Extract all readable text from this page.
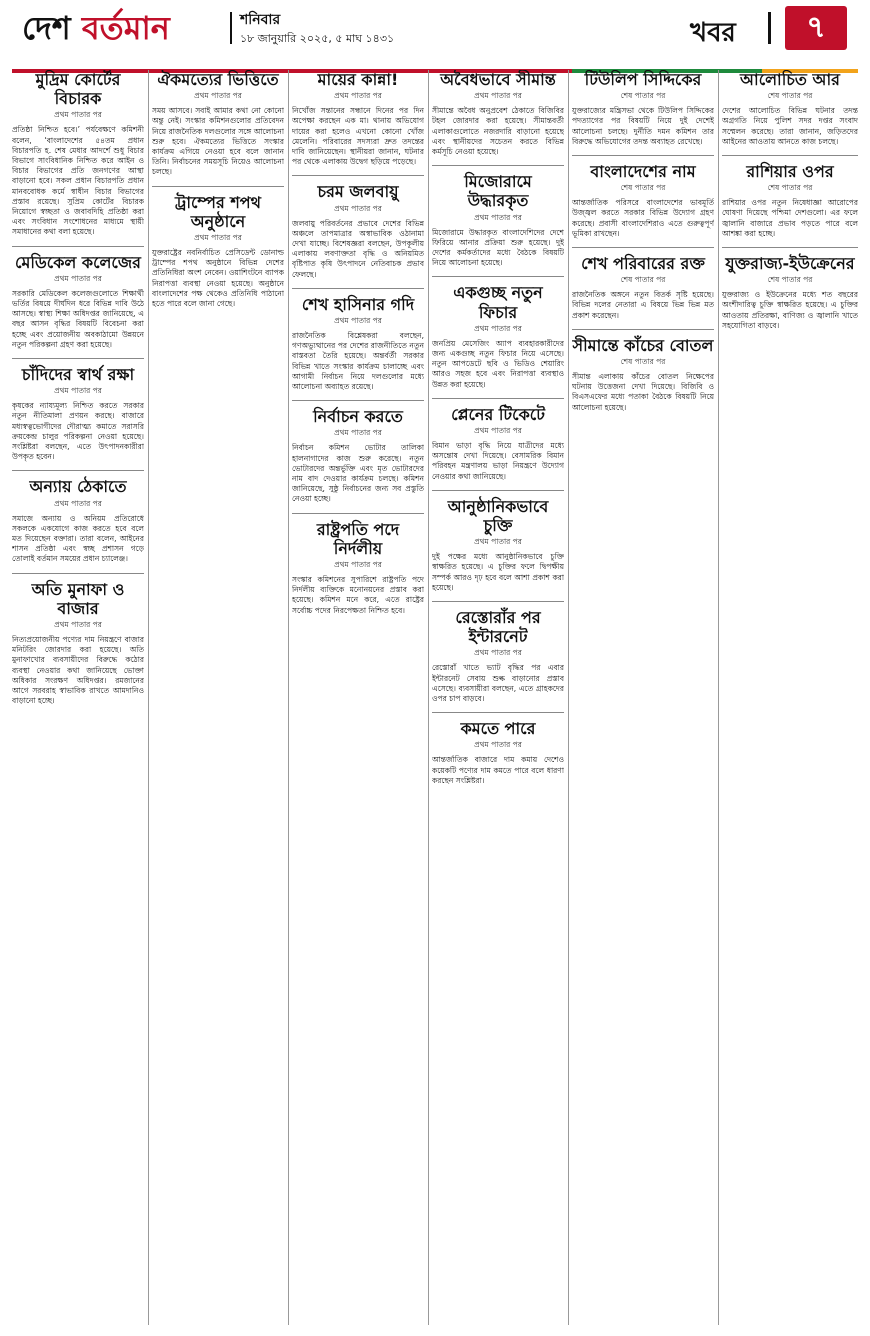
দেশ বর্তমান	শনিবার
১৮ জানুয়ারি ২০২৫, ৫ মাঘ ১৪৩১	খবর	৭
মুদ্রিম কোর্টের বিচারক
প্রথম পাতার পর

প্রতিষ্ঠা নিশ্চিত হবে।’ পর্যবেক্ষণে কমিশনী বলেন, ‘বাংলাদেশের ৫৪তম প্রধান বিচারপতি হ. শেষ মেধার আদর্শে শুধু বিচার বিভাগে সাংবিধানিক নিশ্চিত করে আইন ও বিচার বিভাগের প্রতি জনগণের আস্থা বাড়ানো হবে। সকল প্রধান বিচারপতি প্রধান মানববোধক কর্মে স্বাধীন বিচার বিভাগের প্রস্তাব রয়েছে। সুপ্রিম কোর্টের বিচারক নিয়োগে স্বচ্ছতা ও জবাবদিহি প্রতিষ্ঠা করা এবং সংবিধান সংশোধনের মাধ্যমে স্থায়ী সমাধানের কথা বলা হয়েছে।

মেডিকেল কলেজের
প্রথম পাতার পর

সরকারি মেডিকেল কলেজগুলোতে শিক্ষার্থী ভর্তির বিষয়ে দীর্ঘদিন ধরে বিভিন্ন দাবি উঠে আসছে। স্বাস্থ্য শিক্ষা অধিদপ্তর জানিয়েছে, এ বছর আসন বৃদ্ধির বিষয়টি বিবেচনা করা হচ্ছে এবং প্রয়োজনীয় অবকাঠামো উন্নয়নে নতুন পরিকল্পনা গ্রহণ করা হয়েছে।

চাঁদিদের স্বার্থ রক্ষা
প্রথম পাতার পর

কৃষকের ন্যায্যমূল্য নিশ্চিত করতে সরকার নতুন নীতিমালা প্রণয়ন করছে। বাজারে মধ্যস্বত্বভোগীদের দৌরাত্ম্য কমাতে সরাসরি ক্রয়কেন্দ্র চালুর পরিকল্পনা নেওয়া হয়েছে। সংশ্লিষ্টরা বলছেন, এতে উৎপাদনকারীরা উপকৃত হবেন।

অন্যায় ঠেকাতে
প্রথম পাতার পর

সমাজে অন্যায় ও অনিয়ম প্রতিরোধে সকলকে একযোগে কাজ করতে হবে বলে মত দিয়েছেন বক্তারা। তারা বলেন, আইনের শাসন প্রতিষ্ঠা এবং স্বচ্ছ প্রশাসন গড়ে তোলাই বর্তমান সময়ের প্রধান চ্যালেঞ্জ।

অতি মুনাফা ও বাজার
প্রথম পাতার পর

নিত্যপ্রয়োজনীয় পণ্যের দাম নিয়ন্ত্রণে বাজার মনিটরিং জোরদার করা হয়েছে। অতি মুনাফাখোর ব্যবসায়ীদের বিরুদ্ধে কঠোর ব্যবস্থা নেওয়ার কথা জানিয়েছে ভোক্তা অধিকার সংরক্ষণ অধিদপ্তর। রমজানের আগে সরবরাহ স্বাভাবিক রাখতে আমদানিও বাড়ানো হচ্ছে।

ঐকমত্যের ভিত্তিতে
প্রথম পাতার পর

সময় আসবে। সবাই আমার কথা নো কোনো অন্তু নেই। সংস্কার কমিশনগুলোর প্রতিবেদন নিয়ে রাজনৈতিক দলগুলোর সঙ্গে আলোচনা শুরু হবে। ঐকমত্যের ভিত্তিতে সংস্কার কার্যক্রম এগিয়ে নেওয়া হবে বলে জানান তিনি। নির্বাচনের সময়সূচি নিয়েও আলোচনা চলছে।

ট্রাম্পের শপথ অনুষ্ঠানে
প্রথম পাতার পর

যুক্তরাষ্ট্রের নবনির্বাচিত প্রেসিডেন্ট ডোনাল্ড ট্রাম্পের শপথ অনুষ্ঠানে বিভিন্ন দেশের প্রতিনিধিরা অংশ নেবেন। ওয়াশিংটনে ব্যাপক নিরাপত্তা ব্যবস্থা নেওয়া হয়েছে। অনুষ্ঠানে বাংলাদেশের পক্ষ থেকেও প্রতিনিধি পাঠানো হতে পারে বলে জানা গেছে।

মায়ের কান্না!
প্রথম পাতার পর

নিখোঁজ সন্তানের সন্ধানে দিনের পর দিন অপেক্ষা করছেন এক মা। থানায় অভিযোগ দায়ের করা হলেও এখনো কোনো খোঁজ মেলেনি। পরিবারের সদস্যরা দ্রুত তদন্তের দাবি জানিয়েছেন। স্থানীয়রা জানান, ঘটনার পর থেকে এলাকায় উদ্বেগ ছড়িয়ে পড়েছে।

চরম জলবায়ু
প্রথম পাতার পর

জলবায়ু পরিবর্তনের প্রভাবে দেশের বিভিন্ন অঞ্চলে তাপমাত্রার অস্বাভাবিক ওঠানামা দেখা যাচ্ছে। বিশেষজ্ঞরা বলছেন, উপকূলীয় এলাকায় লবণাক্ততা বৃদ্ধি ও অনিয়মিত বৃষ্টিপাত কৃষি উৎপাদনে নেতিবাচক প্রভাব ফেলছে।

শেখ হাসিনার গদি
প্রথম পাতার পর

রাজনৈতিক বিশ্লেষকরা বলছেন, গণঅভ্যুত্থানের পর দেশের রাজনীতিতে নতুন বাস্তবতা তৈরি হয়েছে। অন্তর্বর্তী সরকার বিভিন্ন খাতে সংস্কার কার্যক্রম চালাচ্ছে এবং আগামী নির্বাচন নিয়ে দলগুলোর মধ্যে আলোচনা অব্যাহত রয়েছে।

নির্বাচন করতে
প্রথম পাতার পর

নির্বাচন কমিশন ভোটার তালিকা হালনাগাদের কাজ শুরু করেছে। নতুন ভোটারদের অন্তর্ভুক্তি এবং মৃত ভোটারদের নাম বাদ দেওয়ার কার্যক্রম চলছে। কমিশন জানিয়েছে, সুষ্ঠু নির্বাচনের জন্য সব প্রস্তুতি নেওয়া হচ্ছে।

রাষ্ট্রপতি পদে নির্দলীয়
প্রথম পাতার পর

সংস্কার কমিশনের সুপারিশে রাষ্ট্রপতি পদে নির্দলীয় ব্যক্তিকে মনোনয়নের প্রস্তাব করা হয়েছে। কমিশন মনে করে, এতে রাষ্ট্রের সর্বোচ্চ পদের নিরপেক্ষতা নিশ্চিত হবে।

অবৈধভাবে সীমান্ত
প্রথম পাতার পর

সীমান্তে অবৈধ অনুপ্রবেশ ঠেকাতে বিজিবির টহল জোরদার করা হয়েছে। সীমান্তবর্তী এলাকাগুলোতে নজরদারি বাড়ানো হয়েছে এবং স্থানীয়দের সচেতন করতে বিভিন্ন কর্মসূচি নেওয়া হয়েছে।

মিজোরামে উদ্ধারকৃত
প্রথম পাতার পর

মিজোরামে উদ্ধারকৃত বাংলাদেশিদের দেশে ফিরিয়ে আনার প্রক্রিয়া শুরু হয়েছে। দুই দেশের কর্মকর্তাদের মধ্যে বৈঠকে বিষয়টি নিয়ে আলোচনা হয়েছে।

একগুচ্ছ নতুন ফিচার
প্রথম পাতার পর

জনপ্রিয় মেসেজিং অ্যাপ ব্যবহারকারীদের জন্য একগুচ্ছ নতুন ফিচার নিয়ে এসেছে। নতুন আপডেটে ছবি ও ভিডিও শেয়ারিং আরও সহজ হবে এবং নিরাপত্তা ব্যবস্থাও উন্নত করা হয়েছে।

প্লেনের টিকেটে
প্রথম পাতার পর

বিমান ভাড়া বৃদ্ধি নিয়ে যাত্রীদের মধ্যে অসন্তোষ দেখা দিয়েছে। বেসামরিক বিমান পরিবহন মন্ত্রণালয় ভাড়া নিয়ন্ত্রণে উদ্যোগ নেওয়ার কথা জানিয়েছে।

আনুষ্ঠানিকভাবে চুক্তি
প্রথম পাতার পর

দুই পক্ষের মধ্যে আনুষ্ঠানিকভাবে চুক্তি স্বাক্ষরিত হয়েছে। এ চুক্তির ফলে দ্বিপক্ষীয় সম্পর্ক আরও দৃঢ় হবে বলে আশা প্রকাশ করা হয়েছে।

রেস্তোরাঁর পর ইন্টারনেট
প্রথম পাতার পর

রেস্তোরাঁ খাতে ভ্যাট বৃদ্ধির পর এবার ইন্টারনেট সেবায় শুল্ক বাড়ানোর প্রস্তাব এসেছে। ব্যবসায়ীরা বলছেন, এতে গ্রাহকদের ওপর চাপ বাড়বে।

কমতে পারে
প্রথম পাতার পর

আন্তর্জাতিক বাজারে দাম কমায় দেশেও কয়েকটি পণ্যের দাম কমতে পারে বলে ধারণা করছেন সংশ্লিষ্টরা।

টিউলিপ সিদ্দিকের
শেষ পাতার পর

যুক্তরাজ্যের মন্ত্রিসভা থেকে টিউলিপ সিদ্দিকের পদত্যাগের পর বিষয়টি নিয়ে দুই দেশেই আলোচনা চলছে। দুর্নীতি দমন কমিশন তার বিরুদ্ধে অভিযোগের তদন্ত অব্যাহত রেখেছে।

বাংলাদেশের নাম
শেষ পাতার পর

আন্তর্জাতিক পরিসরে বাংলাদেশের ভাবমূর্তি উজ্জ্বল করতে সরকার বিভিন্ন উদ্যোগ গ্রহণ করেছে। প্রবাসী বাংলাদেশিরাও এতে গুরুত্বপূর্ণ ভূমিকা রাখছেন।

শেখ পরিবারের রক্ত
শেষ পাতার পর

রাজনৈতিক অঙ্গনে নতুন বিতর্ক সৃষ্টি হয়েছে। বিভিন্ন দলের নেতারা এ বিষয়ে ভিন্ন ভিন্ন মত প্রকাশ করেছেন।

সীমান্তে কাঁচের বোতল
শেষ পাতার পর

সীমান্ত এলাকায় কাঁচের বোতল নিক্ষেপের ঘটনায় উত্তেজনা দেখা দিয়েছে। বিজিবি ও বিএসএফের মধ্যে পতাকা বৈঠকে বিষয়টি নিয়ে আলোচনা হয়েছে।

আলোচিত আর
শেষ পাতার পর

দেশের আলোচিত বিভিন্ন ঘটনার তদন্ত অগ্রগতি নিয়ে পুলিশ সদর দপ্তর সংবাদ সম্মেলন করেছে। তারা জানান, জড়িতদের আইনের আওতায় আনতে কাজ চলছে।

রাশিয়ার ওপর
শেষ পাতার পর

রাশিয়ার ওপর নতুন নিষেধাজ্ঞা আরোপের ঘোষণা দিয়েছে পশ্চিমা দেশগুলো। এর ফলে জ্বালানি বাজারে প্রভাব পড়তে পারে বলে আশঙ্কা করা হচ্ছে।

যুক্তরাজ্য-ইউক্রেনের
শেষ পাতার পর

যুক্তরাজ্য ও ইউক্রেনের মধ্যে শত বছরের অংশীদারিত্ব চুক্তি স্বাক্ষরিত হয়েছে। এ চুক্তির আওতায় প্রতিরক্ষা, বাণিজ্য ও জ্বালানি খাতে সহযোগিতা বাড়বে।
